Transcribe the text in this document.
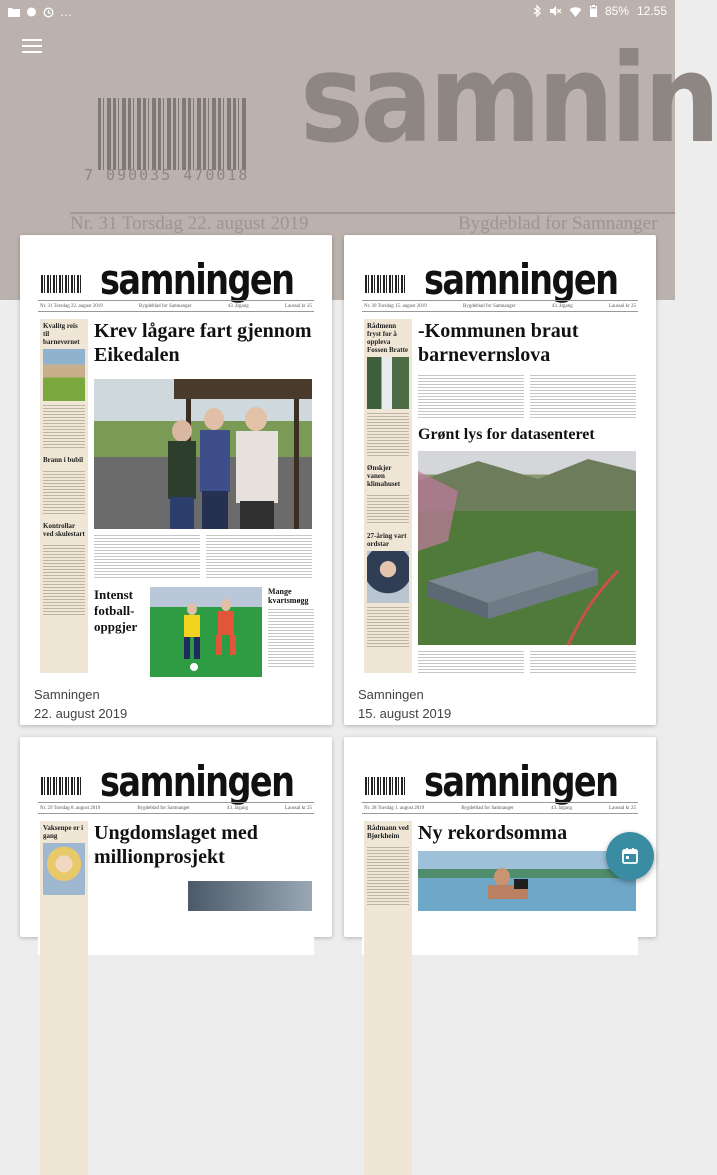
7 090035 470018
samnin
Nr. 31 Torsdag 22. august 2019	Bygdeblad for Samnanger
…	85% 12.55
samningen
Nr. 31 Torsdag 22. august 2019	Bygdeblad for Samnanger	43. årgang	Laussal kr 25
Kvalitg reis til barnevernet
Brann i bubil
Kontrollar ved skulestart
Krev lågare fart gjennom Eikedalen
Intenst fotball-oppgjer
Mange kvartsmøgg
Samningen
22. august 2019
samningen
Nr. 30 Torsdag 15. august 2019	Bygdeblad for Samnanger	43. årgang	Laussal kr 25
Rådmenn fryst for å oppleva Fossen Bratte
Ønskjer vanen klimahuset
27-åring vart ordstar
-Kommunen braut barnevernslova
Grønt lys for datasenteret
Samningen
15. august 2019
samningen
Nr. 29 Torsdag 8. august 2019	Bygdeblad for Samnanger	43. årgang	Laussal kr 25
Vaksenpe er i gang	Ungdomslaget med millionprosjekt
samningen
Nr. 28 Torsdag 1. august 2019	Bygdeblad for Samnanger	43. årgang	Laussal kr 25
Rådmann ved Bjørkheim Ny rekordsomma
